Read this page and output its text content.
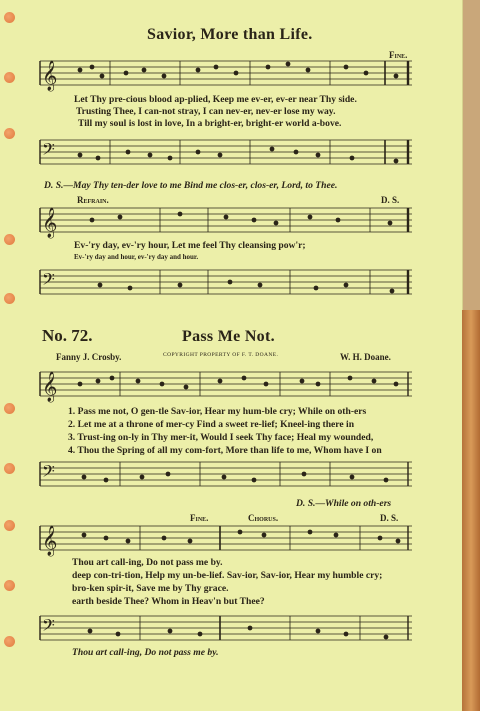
Savior, More than Life.
Fine.
𝄞
Let Thy pre-cious blood ap-plied, Keep me ev-er, ev-er near Thy side.
Trusting Thee, I can-not stray, I can nev-er, nev-er lose my way.
Till my soul is lost in love, In a bright-er, bright-er world a-bove.
𝄢
D. S.—May Thy ten-der love to me Bind me clos-er, clos-er, Lord, to Thee.
Refrain.	D. S.
𝄞
Ev-'ry day, ev-'ry hour, Let me feel Thy cleansing pow'r;
Ev-'ry day and hour, ev-'ry day and hour.
𝄢
No. 72.	Pass Me Not.
Fanny J. Crosby.	COPYRIGHT PROPERTY OF F. T. DOANE.	W. H. Doane.
𝄞
1. Pass me not, O gen-tle Sav-ior, Hear my hum-ble cry; While on oth-ers
2. Let me at a throne of mer-cy Find a sweet re-lief; Kneel-ing there in
3. Trust-ing on-ly in Thy mer-it, Would I seek Thy face; Heal my wounded,
4. Thou the Spring of all my com-fort, More than life to me, Whom have I on
𝄢
D. S.—While on oth-ers
Fine.	Chorus.	D. S.
𝄞
Thou art call-ing, Do not pass me by.
deep con-tri-tion, Help my un-be-lief. Sav-ior, Sav-ior, Hear my humble cry;
bro-ken spir-it, Save me by Thy grace.
earth beside Thee? Whom in Heav'n but Thee?
𝄢
Thou art call-ing, Do not pass me by.
